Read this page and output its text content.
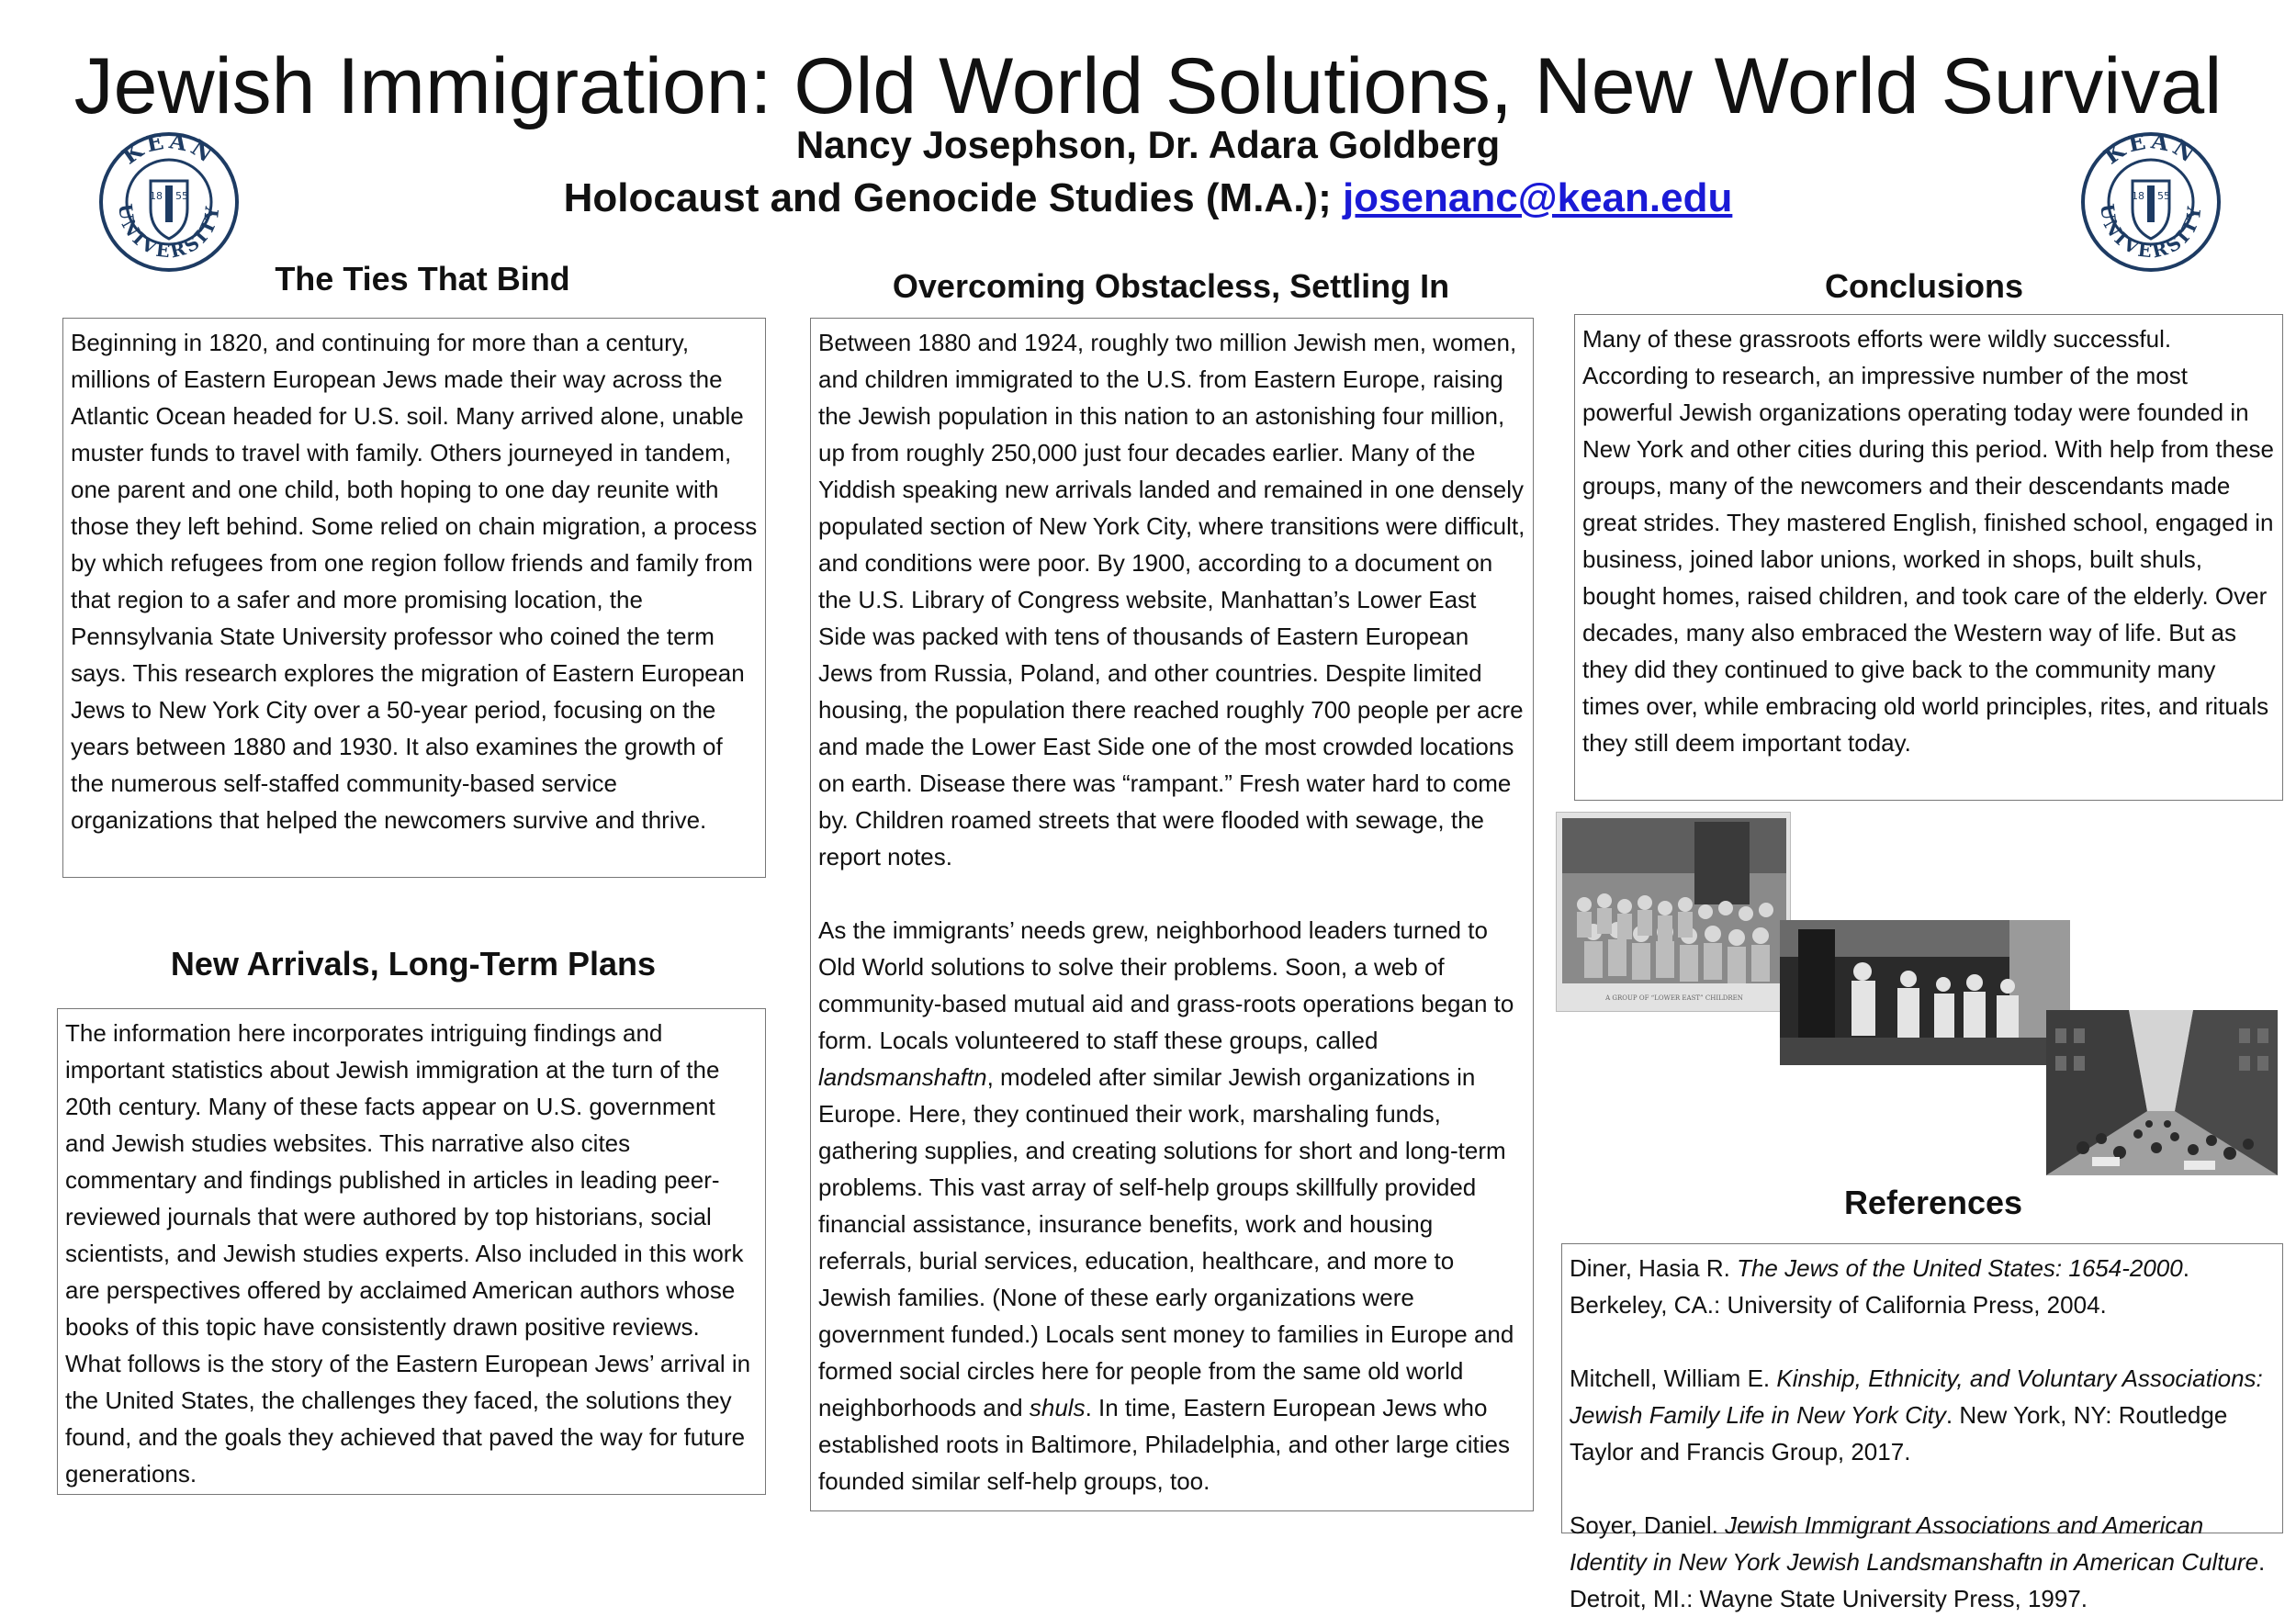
Jewish Immigration: Old World Solutions, New World Survival
Nancy Josephson, Dr. Adara Goldberg
Holocaust and Genocide Studies (M.A.); josenanc@kean.edu
KEAN
UNIVERSITY
18 55
KEAN
UNIVERSITY
18 55
The Ties That Bind

Beginning in 1820, and continuing for more than a century, millions of Eastern European Jews made their way across the Atlantic Ocean headed for U.S. soil. Many arrived alone, unable muster funds to travel with family. Others journeyed in tandem, one parent and one child, both hoping to one day reunite with those they left behind. Some relied on chain migration, a process by which refugees from one region follow friends and family from that region to a safer and more promising location, the Pennsylvania State University professor who coined the term says. This research explores the migration of Eastern European Jews to New York City over a 50-year period, focusing on the years between 1880 and 1930. It also examines the growth of the numerous self-staffed community-based service organizations that helped the newcomers survive and thrive.

New Arrivals, Long-Term Plans

The information here incorporates intriguing findings and important statistics about Jewish immigration at the turn of the 20th century. Many of these facts appear on U.S. government and Jewish studies websites. This narrative also cites commentary and findings published in articles in leading peer-reviewed journals that were authored by top historians, social scientists, and Jewish studies experts. Also included in this work are perspectives offered by acclaimed American authors whose books of this topic have consistently drawn positive reviews. What follows is the story of the Eastern European Jews’ arrival in the United States, the challenges they faced, the solutions they found, and the goals they achieved that paved the way for future generations.

Overcoming Obstacless, Settling In

Between 1880 and 1924, roughly two million Jewish men, women, and children immigrated to the U.S. from Eastern Europe, raising the Jewish population in this nation to an astonishing four million, up from roughly 250,000 just four decades earlier. Many of the Yiddish speaking new arrivals landed and remained in one densely populated section of New York City, where transitions were difficult, and conditions were poor. By 1900, according to a document on the U.S. Library of Congress website, Manhattan’s Lower East Side was packed with tens of thousands of Eastern European Jews from Russia, Poland, and other countries. Despite limited housing, the population there reached roughly 700 people per acre and made the Lower East Side one of the most crowded locations on earth. Disease there was “rampant.” Fresh water hard to come by. Children roamed streets that were flooded with sewage, the report notes.

As the immigrants’ needs grew, neighborhood leaders turned to Old World solutions to solve their problems. Soon, a web of community-based mutual aid and grass-roots operations began to form. Locals volunteered to staff these groups, called landsmanshaftn, modeled after similar Jewish organizations in Europe. Here, they continued their work, marshaling funds, gathering supplies, and creating solutions for short and long-term problems. This vast array of self-help groups skillfully provided financial assistance, insurance benefits, work and housing referrals, burial services, education, healthcare, and more to Jewish families. (None of these early organizations were government funded.) Locals sent money to families in Europe and formed social circles here for people from the same old world neighborhoods and shuls. In time, Eastern European Jews who established roots in Baltimore, Philadelphia, and other large cities founded similar self-help groups, too.

Conclusions

Many of these grassroots efforts were wildly successful. According to research, an impressive number of the most powerful Jewish organizations operating today were founded in New York and other cities during this period. With help from these groups, many of the newcomers and their descendants made great strides. They mastered English, finished school, engaged in business, joined labor unions, worked in shops, built shuls, bought homes, raised children, and took care of the elderly. Over decades, many also embraced the Western way of life. But as they did they continued to give back to the community many times over, while embracing old world principles, rites, and rituals they still deem important today.

A GROUP OF “LOWER EAST” CHILDREN
References

Diner, Hasia R. The Jews of the United States: 1654-2000. Berkeley, CA.: University of California Press, 2004.

Mitchell, William E. Kinship, Ethnicity, and Voluntary Associations: Jewish Family Life in New York City. New York, NY: Routledge Taylor and Francis Group, 2017.

Soyer, Daniel. Jewish Immigrant Associations and American Identity in New York Jewish Landsmanshaftn in American Culture. Detroit, MI.: Wayne State University Press, 1997.
